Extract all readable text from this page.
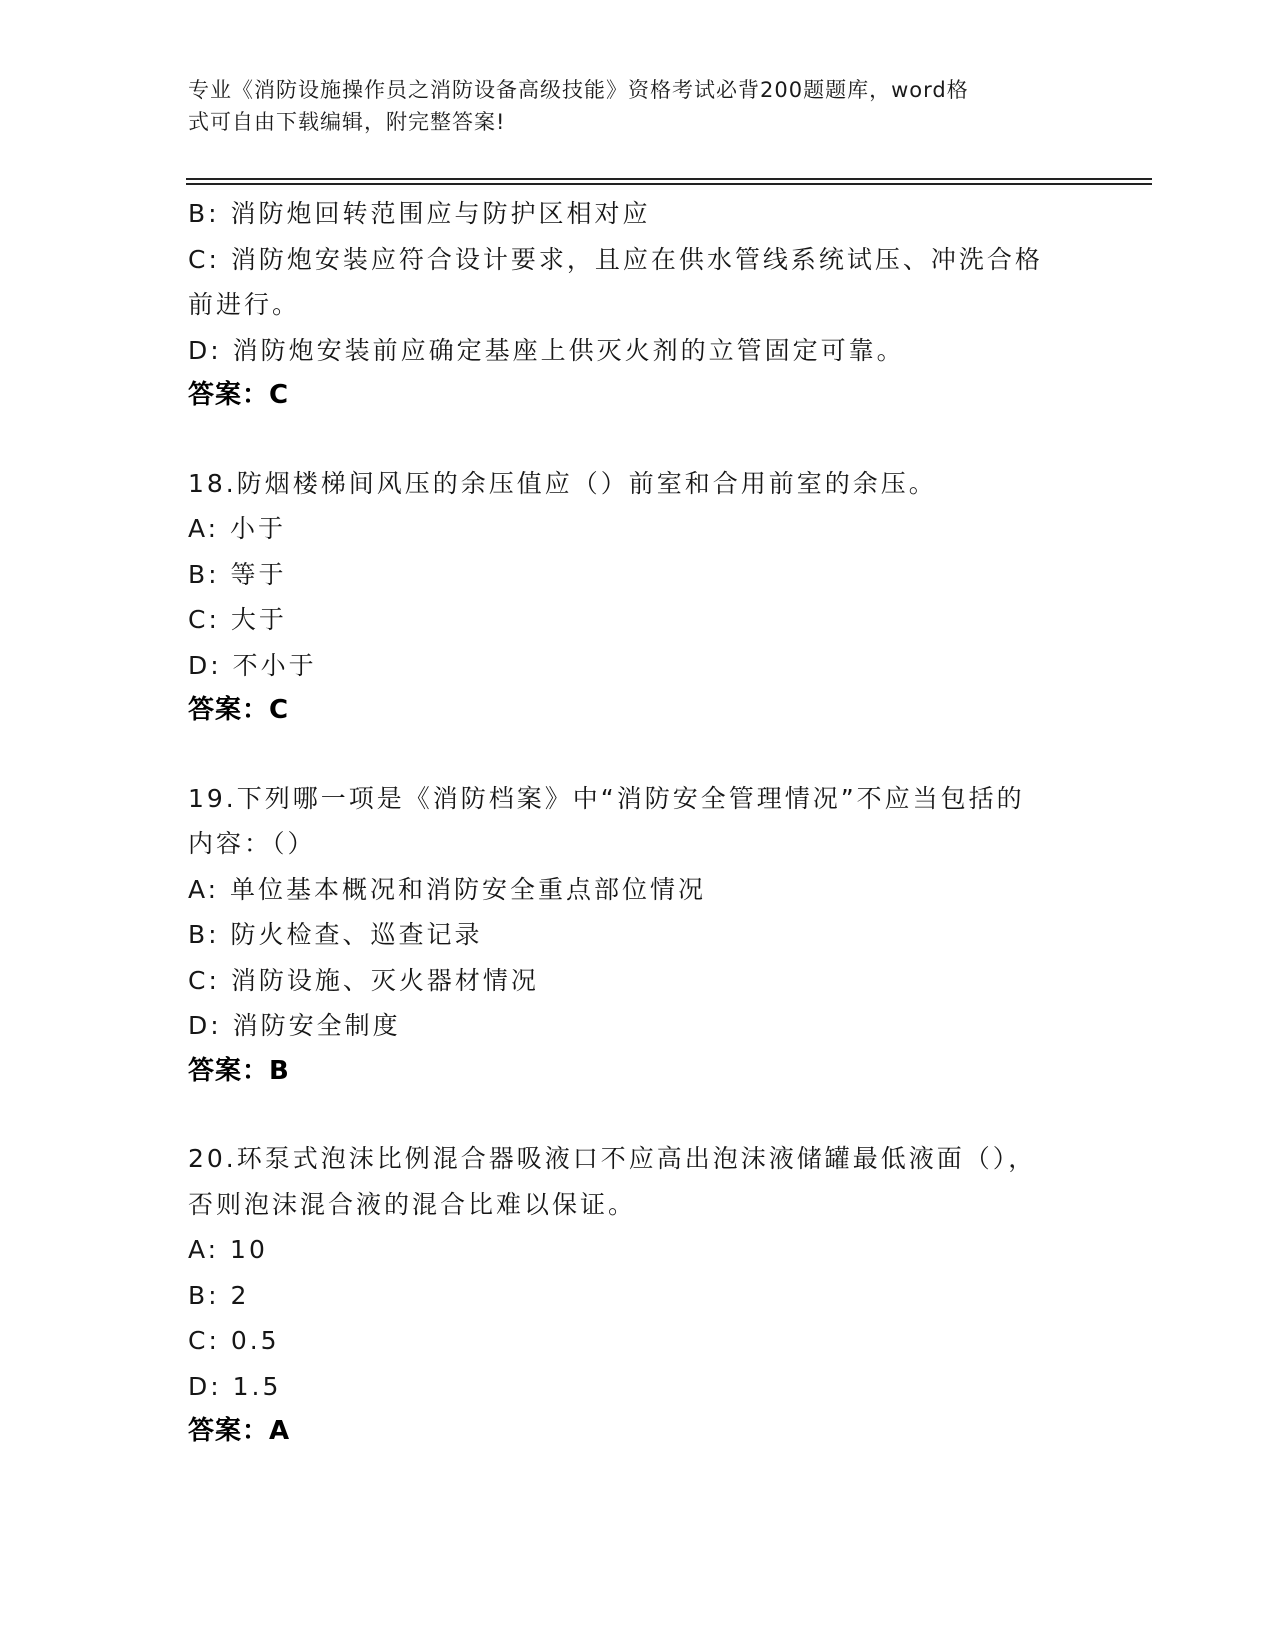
专业《消防设施操作员之消防设备高级技能》资格考试必背200题题库，word格
式可自由下载编辑，附完整答案!
B: 消防炮回转范围应与防护区相对应
C: 消防炮安装应符合设计要求，且应在供水管线系统试压、冲洗合格
前进行。
D: 消防炮安装前应确定基座上供灭火剂的立管固定可靠。
答案：C
18.防烟楼梯间风压的余压值应（）前室和合用前室的余压。
A: 小于
B: 等于
C: 大于
D: 不小于
答案：C
19.下列哪一项是《消防档案》中“消防安全管理情况”不应当包括的
内容：（）
A: 单位基本概况和消防安全重点部位情况
B: 防火检查、巡查记录
C: 消防设施、灭火器材情况
D: 消防安全制度
答案：B
20.环泵式泡沫比例混合器吸液口不应高出泡沫液储罐最低液面（），
否则泡沫混合液的混合比难以保证。
A: 10
B: 2
C: 0.5
D: 1.5
答案：A
